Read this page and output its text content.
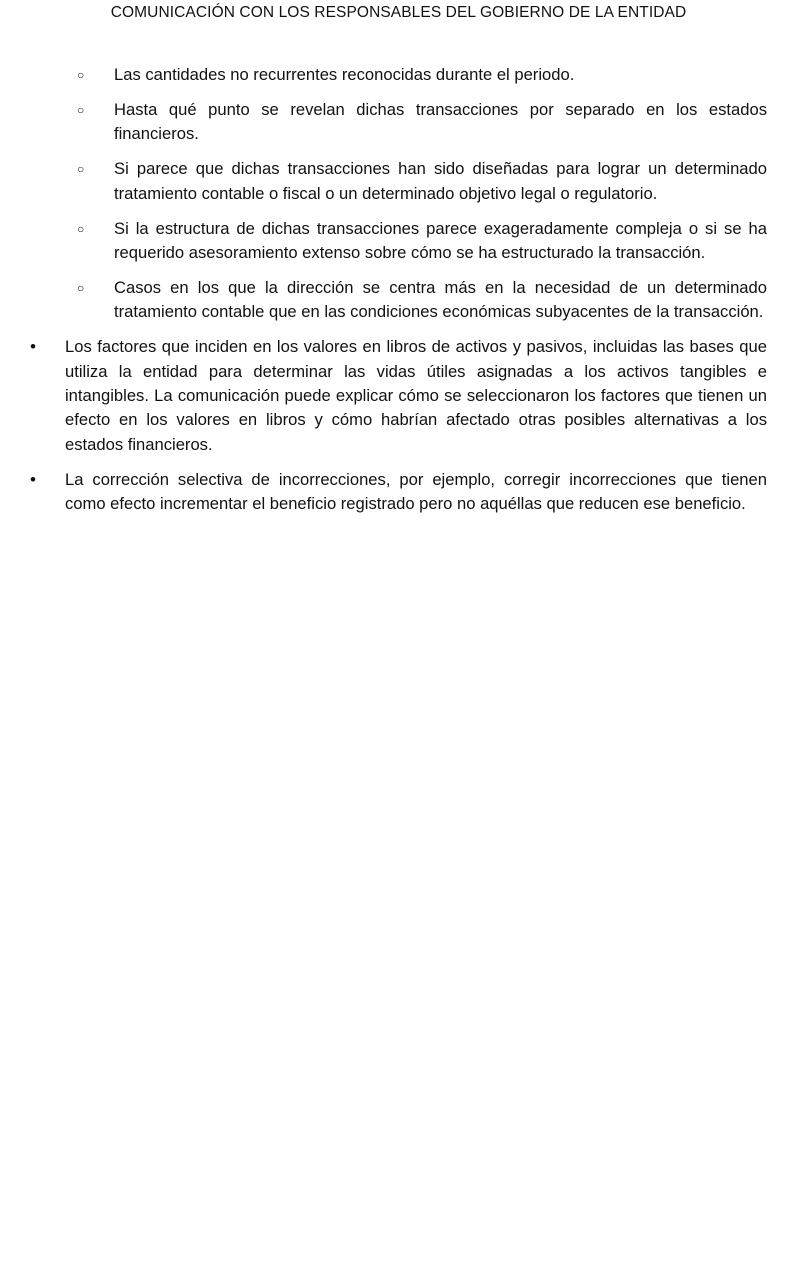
COMUNICACIÓN CON LOS RESPONSABLES DEL GOBIERNO DE LA ENTIDAD
○ Las cantidades no recurrentes reconocidas durante el periodo.
○ Hasta qué punto se revelan dichas transacciones por separado en los estados financieros.
○ Si parece que dichas transacciones han sido diseñadas para lograr un determinado tratamiento contable o fiscal o un determinado objetivo legal o regulatorio.
○ Si la estructura de dichas transacciones parece exageradamente compleja o si se ha requerido asesoramiento extenso sobre cómo se ha estructurado la transacción.
○ Casos en los que la dirección se centra más en la necesidad de un determinado tratamiento contable que en las condiciones económicas subyacentes de la transacción.
• Los factores que inciden en los valores en libros de activos y pasivos, incluidas las bases que utiliza la entidad para determinar las vidas útiles asignadas a los activos tangibles e intangibles. La comunicación puede explicar cómo se seleccionaron los factores que tienen un efecto en los valores en libros y cómo habrían afectado otras posibles alternativas a los estados financieros.
• La corrección selectiva de incorrecciones, por ejemplo, corregir incorrecciones que tienen como efecto incrementar el beneficio registrado pero no aquéllas que reducen ese beneficio.
